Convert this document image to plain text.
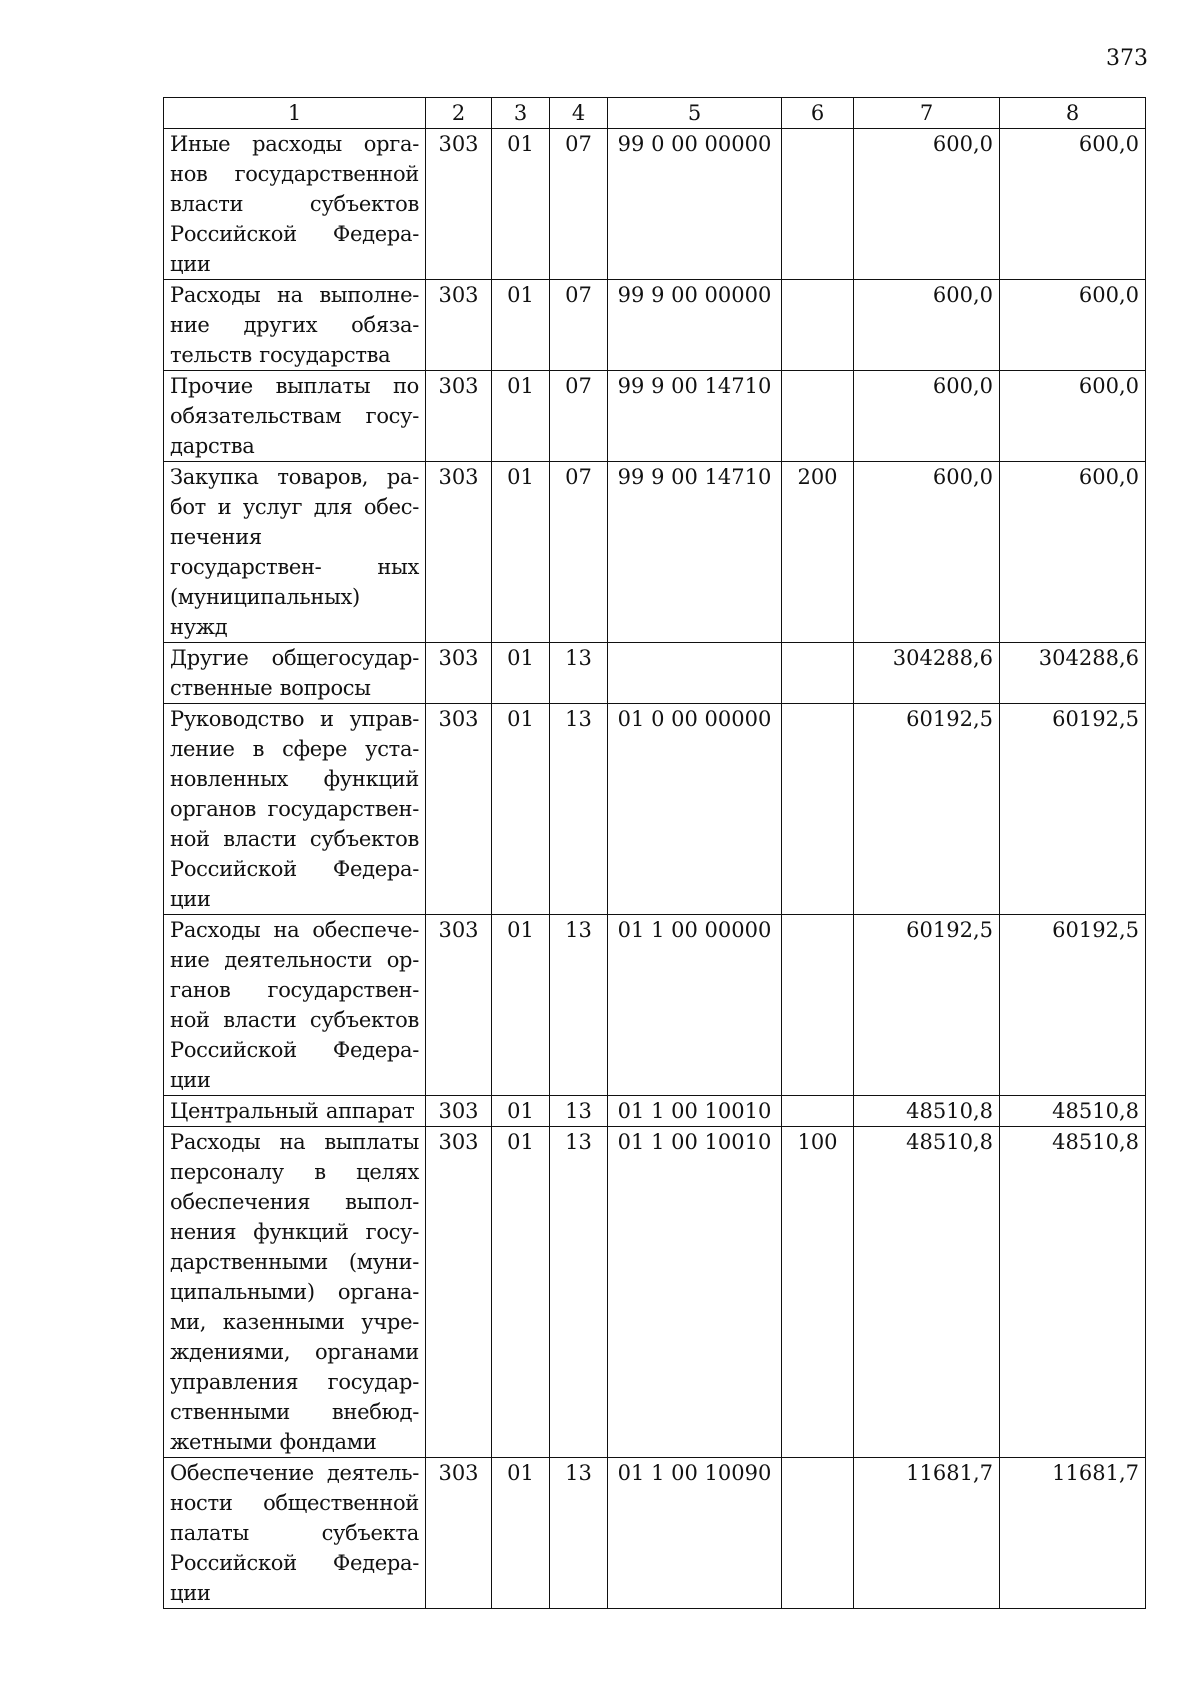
373
1	2	3	4	5	6	7	8
Иные расходы орга- нов государственной власти субъектов Российской Федера- ции	303	01	07	99 0 00 00000		600,0	600,0
Расходы на выполне- ние других обяза- тельств государства	303	01	07	99 9 00 00000		600,0	600,0
Прочие выплаты по обязательствам госу- дарства	303	01	07	99 9 00 14710		600,0	600,0
Закупка товаров, ра- бот и услуг для обес- печения государствен- ных (муниципальных) нужд	303	01	07	99 9 00 14710	200	600,0	600,0
Другие общегосудар- ственные вопросы	303	01	13			304288,6	304288,6
Руководство и управ- ление в сфере уста- новленных функций органов государствен- ной власти субъектов Российской Федера- ции	303	01	13	01 0 00 00000		60192,5	60192,5
Расходы на обеспече- ние деятельности ор- ганов государствен- ной власти субъектов Российской Федера- ции	303	01	13	01 1 00 00000		60192,5	60192,5
Центральный аппарат	303	01	13	01 1 00 10010		48510,8	48510,8
Расходы на выплаты персоналу в целях обеспечения выпол- нения функций госу- дарственными (муни- ципальными) органа- ми, казенными учре- ждениями, органами управления государ- ственными внебюд- жетными фондами	303	01	13	01 1 00 10010	100	48510,8	48510,8
Обеспечение деятель- ности общественной палаты субъекта Российской Федера- ции	303	01	13	01 1 00 10090		11681,7	11681,7
